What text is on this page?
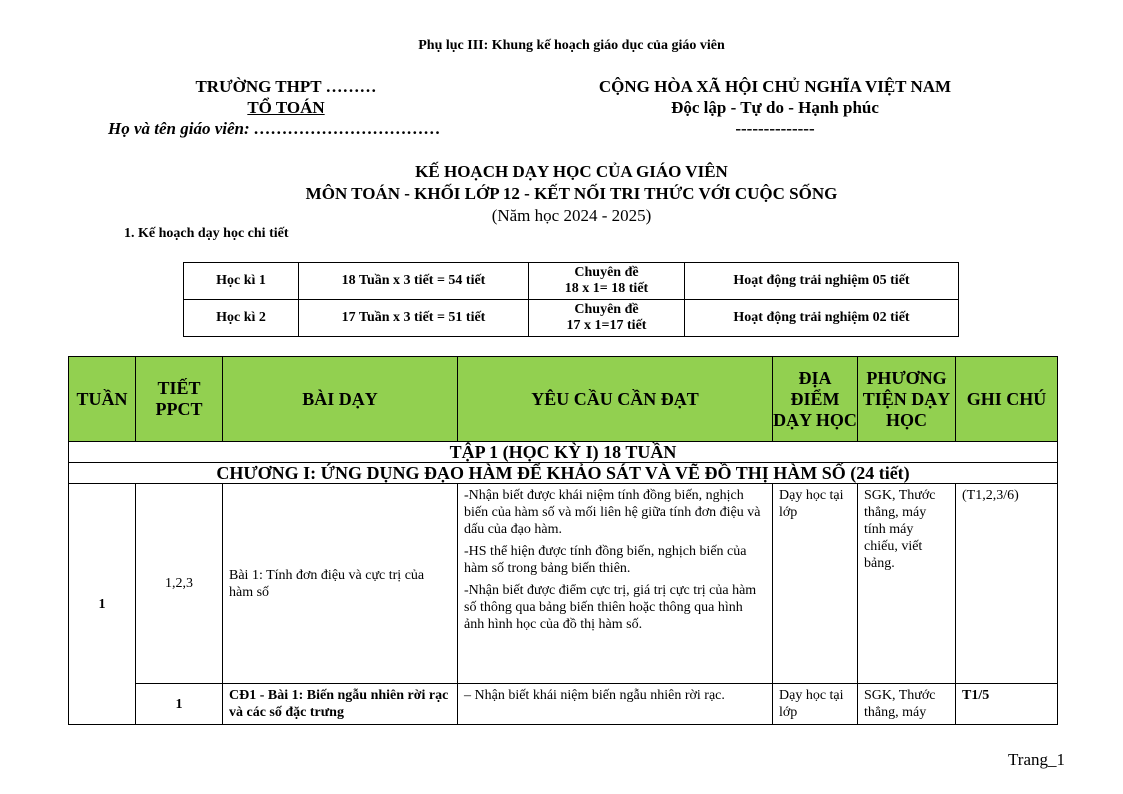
Phụ lục III: Khung kế hoạch giáo dục của giáo viên
TRƯỜNG THPT ………
TỔ TOÁN
Họ và tên giáo viên: ……………………………
CỘNG HÒA XÃ HỘI CHỦ NGHĨA VIỆT NAM
Độc lập - Tự do - Hạnh phúc
--------------
KẾ HOẠCH DẠY HỌC CỦA GIÁO VIÊN
MÔN TOÁN - KHỐI LỚP 12 - KẾT NỐI TRI THỨC VỚI CUỘC SỐNG
(Năm học 2024 - 2025)
1. Kế hoạch dạy học chi tiết
Học kì 1	18 Tuần x 3 tiết = 54 tiết	Chuyên đề
18 x 1= 18 tiết	Hoạt động trải nghiệm 05 tiết
Học kì 2	17 Tuần x 3 tiết = 51 tiết	Chuyên đề
17 x 1=17 tiết	Hoạt động trải nghiệm 02 tiết
TUẦN	TIẾT PPCT	BÀI DẠY	YÊU CẦU CẦN ĐẠT	ĐỊA ĐIỂM DẠY HỌC	PHƯƠNG TIỆN DẠY HỌC	GHI CHÚ
TẬP 1 (HỌC KỲ I) 18 TUẦN						
CHƯƠNG I: ỨNG DỤNG ĐẠO HÀM ĐỂ KHẢO SÁT VÀ VẼ ĐỒ THỊ HÀM SỐ (24 tiết)						
1	1,2,3	Bài 1: Tính đơn điệu và cực trị của hàm số	-Nhận biết được khái niệm tính đồng biến, nghịch biến của hàm số và mối liên hệ giữa tính đơn điệu và dấu của đạo hàm.

-HS thể hiện được tính đồng biến, nghịch biến của hàm số trong bảng biến thiên.

-Nhận biết được điểm cực trị, giá trị cực trị của hàm số thông qua bảng biến thiên hoặc thông qua hình ảnh hình học của đồ thị hàm số.	Dạy học tại lớp	SGK, Thước thẳng, máy tính máy chiếu, viết bảng.	(T1,2,3/6)
	1	CĐ1 - Bài 1: Biến ngẫu nhiên rời rạc và các số đặc trưng	– Nhận biết khái niệm biến ngẫu nhiên rời rạc.	Dạy học tại lớp	SGK, Thước thẳng, máy	T1/5
Trang_1
